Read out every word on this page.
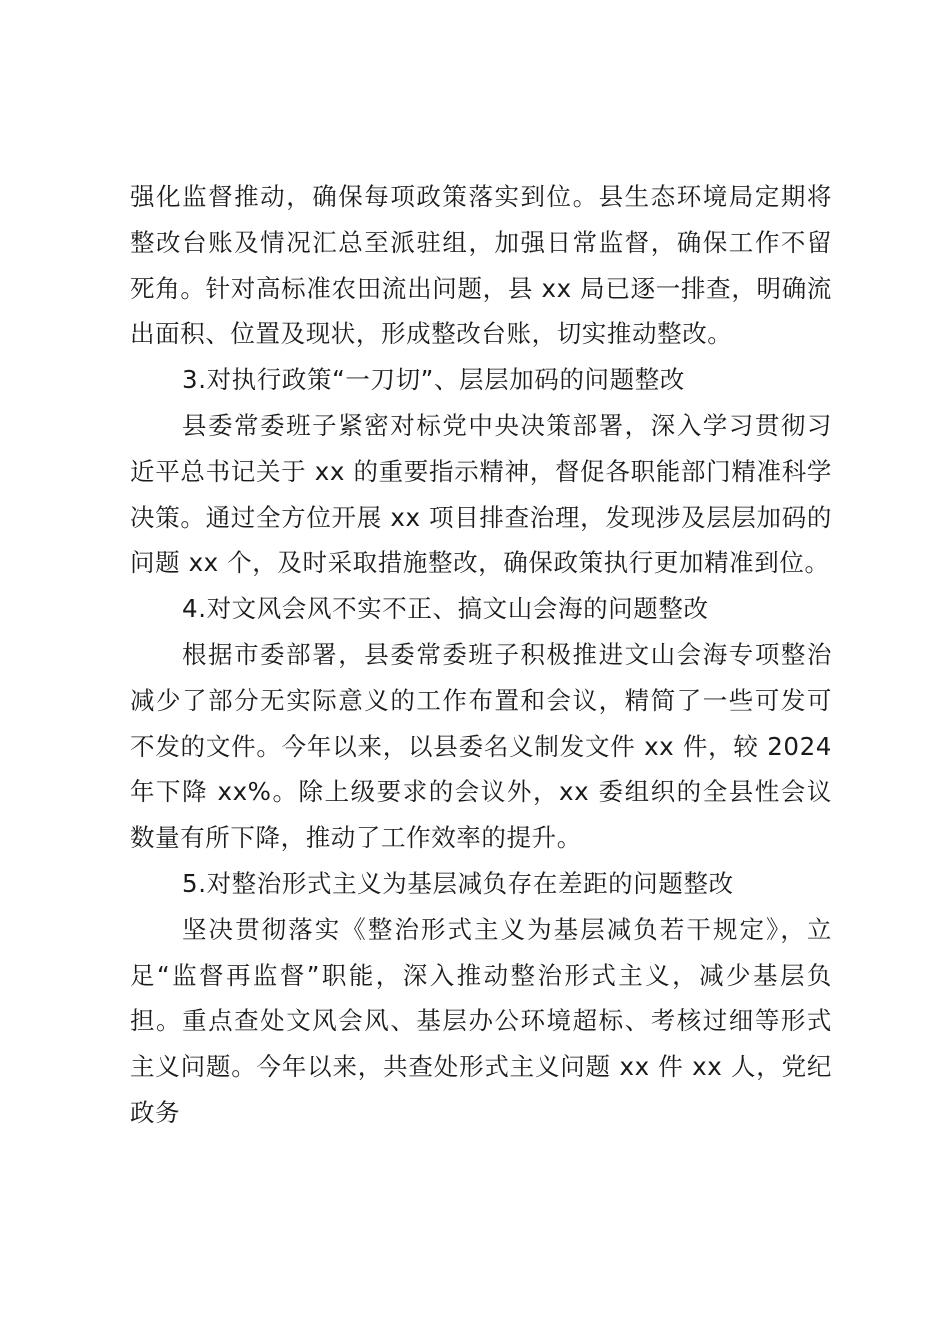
强化监督推动，确保每项政策落实到位。县生态环境局定期将整改台账及情况汇总至派驻组，加强日常监督，确保工作不留死角。针对高标准农田流出问题，县 xx 局已逐一排查，明确流出面积、位置及现状，形成整改台账，切实推动整改。

3.对执行政策“一刀切”、层层加码的问题整改

县委常委班子紧密对标党中央决策部署，深入学习贯彻习近平总书记关于 xx 的重要指示精神，督促各职能部门精准科学决策。通过全方位开展 xx 项目排查治理，发现涉及层层加码的问题 xx 个，及时采取措施整改，确保政策执行更加精准到位。

4.对文风会风不实不正、搞文山会海的问题整改

根据市委部署，县委常委班子积极推进文山会海专项整治减少了部分无实际意义的工作布置和会议，精简了一些可发可不发的文件。今年以来，以县委名义制发文件 xx 件，较 2024 年下降 xx%。除上级要求的会议外，xx 委组织的全县性会议数量有所下降，推动了工作效率的提升。

5.对整治形式主义为基层减负存在差距的问题整改

坚决贯彻落实《整治形式主义为基层减负若干规定》，立足“监督再监督”职能，深入推动整治形式主义，减少基层负担。重点查处文风会风、基层办公环境超标、考核过细等形式主义问题。今年以来，共查处形式主义问题 xx 件 xx 人，党纪政务
